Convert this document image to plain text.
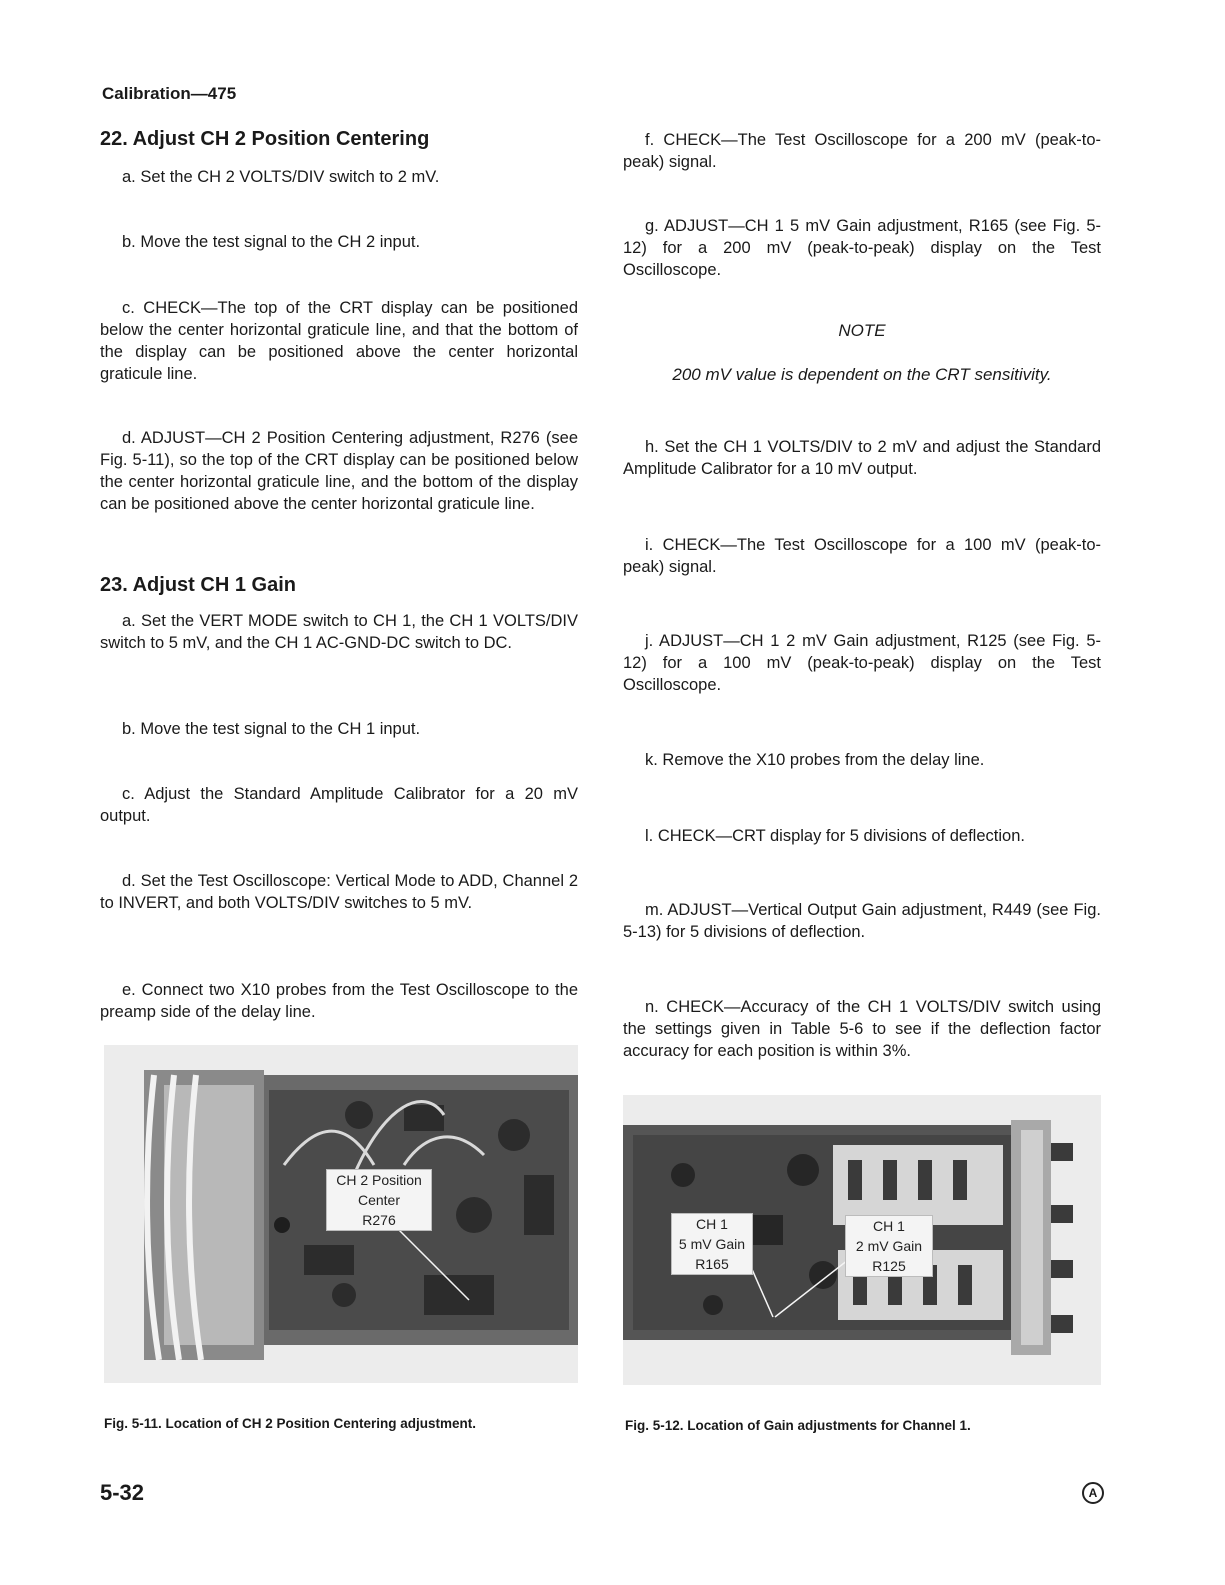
Calibration—475
22. Adjust CH 2 Position Centering

a. Set the CH 2 VOLTS/DIV switch to 2 mV.

b. Move the test signal to the CH 2 input.

c. CHECK—The top of the CRT display can be positioned below the center horizontal graticule line, and that the bottom of the display can be positioned above the center horizontal graticule line.

d. ADJUST—CH 2 Position Centering adjustment, R276 (see Fig. 5-11), so the top of the CRT display can be positioned below the center horizontal graticule line, and the bottom of the display can be positioned above the center horizontal graticule line.

23. Adjust CH 1 Gain

a. Set the VERT MODE switch to CH 1, the CH 1 VOLTS/DIV switch to 5 mV, and the CH 1 AC-GND-DC switch to DC.

b. Move the test signal to the CH 1 input.

c. Adjust the Standard Amplitude Calibrator for a 20 mV output.

d. Set the Test Oscilloscope: Vertical Mode to ADD, Channel 2 to INVERT, and both VOLTS/DIV switches to 5 mV.

e. Connect two X10 probes from the Test Oscilloscope to the preamp side of the delay line.

f. CHECK—The Test Oscilloscope for a 200 mV (peak-to-peak) signal.

g. ADJUST—CH 1 5 mV Gain adjustment, R165 (see Fig. 5-12) for a 200 mV (peak-to-peak) display on the Test Oscilloscope.

NOTE
200 mV value is dependent on the CRT sensitivity.

h. Set the CH 1 VOLTS/DIV to 2 mV and adjust the Standard Amplitude Calibrator for a 10 mV output.

i. CHECK—The Test Oscilloscope for a 100 mV (peak-to-peak) signal.

j. ADJUST—CH 1 2 mV Gain adjustment, R125 (see Fig. 5-12) for a 100 mV (peak-to-peak) display on the Test Oscilloscope.

k. Remove the X10 probes from the delay line.

l. CHECK—CRT display for 5 divisions of deflection.

m. ADJUST—Vertical Output Gain adjustment, R449 (see Fig. 5-13) for 5 divisions of deflection.

n. CHECK—Accuracy of the CH 1 VOLTS/DIV switch using the settings given in Table 5-6 to see if the deflection factor accuracy for each position is within 3%.

CH 2 Position
Center
R276
Fig. 5-11. Location of CH 2 Position Centering adjustment.
CH 1
5 mV Gain
R165
CH 1
2 mV Gain
R125
Fig. 5-12. Location of Gain adjustments for Channel 1.
5-32	A
